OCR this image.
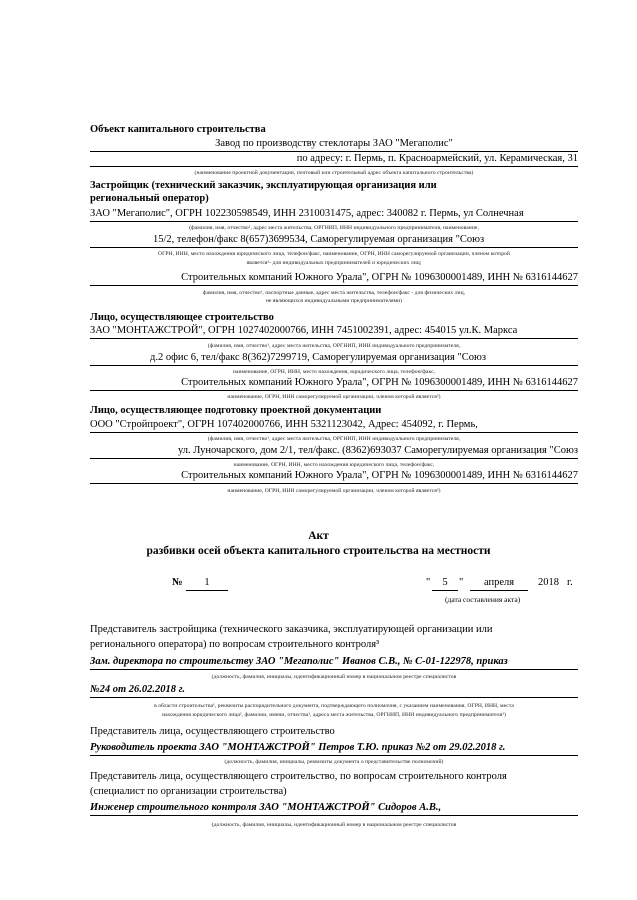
Объект капитального строительства
Завод по производству стеклотары ЗАО "Мегаполис"
по адресу: г. Пермь, п. Красноармейский, ул. Керамическая, 31
(наименование проектной документации, почтовый или строительный адрес объекта капитального строительства)
Застройщик (технический заказчик, эксплуатирующая организация или
региональный оператор)
ЗАО "Мегаполис", ОГРН 102230598549, ИНН 2310031475, адрес: 340082 г. Пермь, ул Солнечная
(фамилия, имя, отчество¹, адрес места жительства, ОРГНИП, ИНН индивидуального предпринимателя, наименование,
15/2, телефон/факс 8(657)3699534, Саморегулируемая организация "Союз
ОГРН, ИНН, место нахождения юридического лица, телефон/факс, наименование, ОГРН, ИНН саморегулируемой организации, членом которой
является²- для индивидуальных предпринимателей и юридических лиц;
Строительных компаний Южного Урала", ОГРН № 1096300001489, ИНН № 6316144627
фамилия, имя, отчество¹, паспортные данные, адрес места жительства, телефон/факс - для физических лиц,
не являющихся индивидуальными предпринимателями)
Лицо, осуществляющее строительство
ЗАО "МОНТАЖСТРОЙ", ОГРН 1027402000766, ИНН 7451002391, адрес: 454015 ул.К. Маркса
(фамилия, имя, отчество¹, адрес места жительства, ОРГНИП, ИНН индивидуального предпринимателя,
д.2 офис 6, тел/факс 8(362)7299719, Саморегулируемая организация "Союз
наименование, ОГРН, ИНН, место нахождения, юридического лица, телефон/факс,
Строительных компаний Южного Урала", ОГРН № 1096300001489, ИНН № 6316144627
наименование, ОГРН, ИНН саморегулируемой организации, членом которой является²)
Лицо, осуществляющее подготовку проектной документации
ООО "Стройпроект", ОГРН 107402000766, ИНН 5321123042, Адрес: 454092, г. Пермь,
(фамилия, имя, отчество¹, адрес места жительства, ОРГНИП, ИНН индивидуального предпринимателя,
ул. Луночарского, дом 2/1, тел/факс. (8362)693037 Саморегулируемая организация "Союз
наименование, ОГРН, ИНН, место нахождения юридического лица, телефон/факс,
Строительных компаний Южного Урала", ОГРН № 1096300001489, ИНН № 6316144627
наименование, ОГРН, ИНН саморегулируемой организации, членом которой является²)
Акт
разбивки осей объекта капитального строительства на местности
№	1	"	5	"	апреля	2018 г.
(дата составления акта)
Представитель застройщика (технического заказчика, эксплуатирующей организации или
регионального оператора) по вопросам строительного контроля³
Зам. директора по строительству ЗАО "Мегаполис" Иванов С.В., № С-01-122978, приказ
(должность, фамилия, инициалы, идентификационный номер в национальном реестре специалистов
№24 от 26.02.2018 г.
в области строительства¹, реквизиты распорядительного документа, подтверждающего полномочия, с указанием наименования, ОГРН, ИНН, места
нахождения юридического лица², фамилии, имени, отчества¹, адреса места жительства, ОРГНИП, ИНН индивидуального предпринимателя²)
Представитель лица, осуществляющего строительство
Руководитель проекта ЗАО "МОНТАЖСТРОЙ" Петров Т.Ю. приказ №2 от 29.02.2018 г.
(должность, фамилия, инициалы, реквизиты документа о представительстве полномочий)
Представитель лица, осуществляющего строительство, по вопросам строительного контроля
(специалист по организации строительства)
Инженер строительного контроля ЗАО "МОНТАЖСТРОЙ" Сидоров А.В.,
(должность, фамилия, инициалы, идентификационный номер в национальном реестре специалистов
